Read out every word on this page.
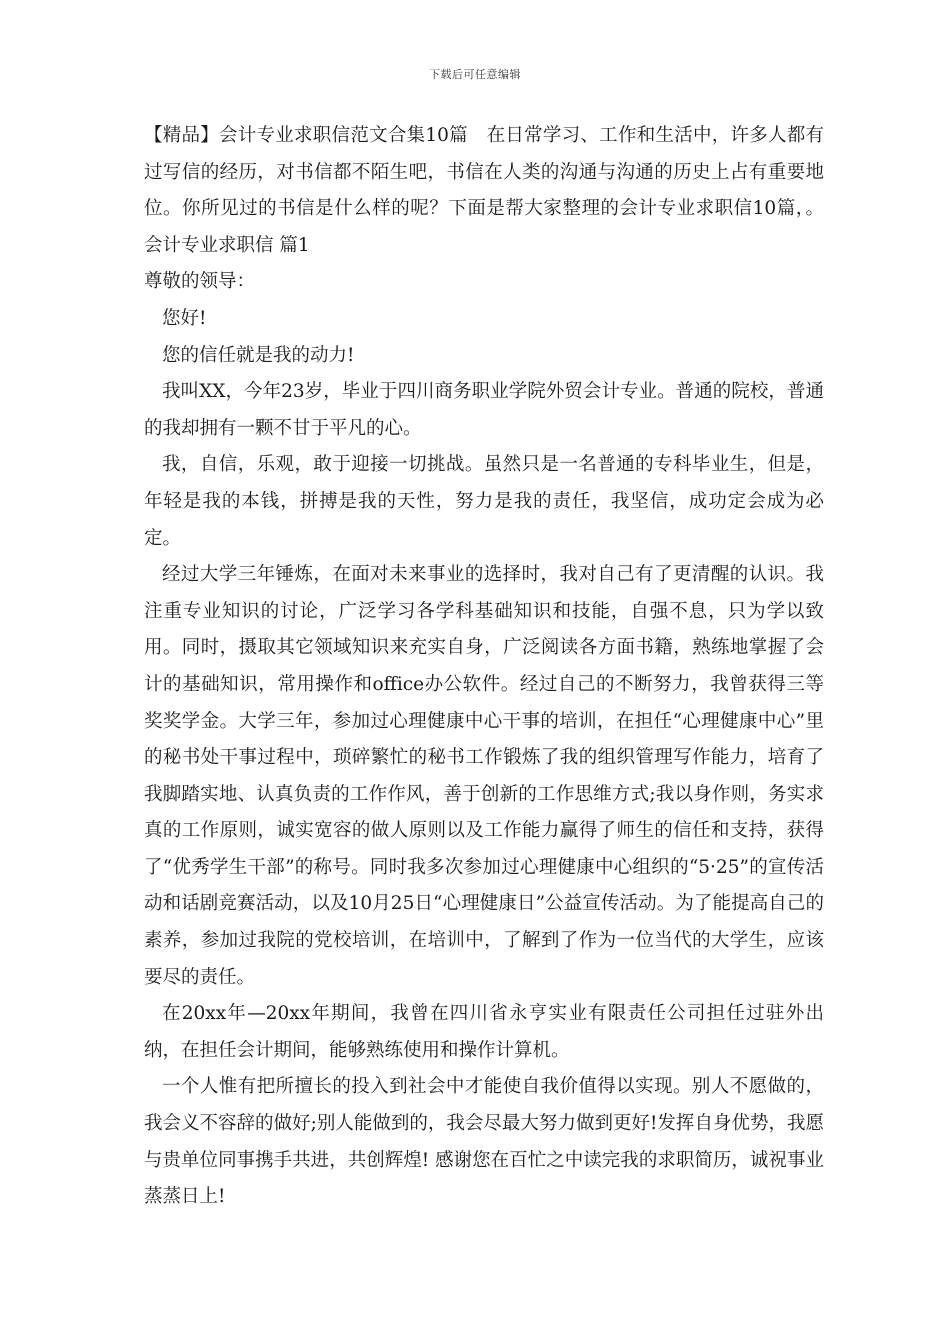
下载后可任意编辑

【精品】会计专业求职信范文合集10篇　在日常学习、工作和生活中，许多人都有过写信的经历，对书信都不陌生吧，书信在人类的沟通与沟通的历史上占有重要地位。你所见过的书信是什么样的呢？下面是帮大家整理的会计专业求职信10篇，。会计专业求职信 篇1

尊敬的领导：

您好!

您的信任就是我的动力!

我叫XX，今年23岁，毕业于四川商务职业学院外贸会计专业。普通的院校，普通的我却拥有一颗不甘于平凡的心。

我，自信，乐观，敢于迎接一切挑战。虽然只是一名普通的专科毕业生，但是，年轻是我的本钱，拼搏是我的天性，努力是我的责任，我坚信，成功定会成为必定。

经过大学三年锤炼，在面对未来事业的选择时，我对自己有了更清醒的认识。我注重专业知识的讨论，广泛学习各学科基础知识和技能，自强不息，只为学以致用。同时，摄取其它领域知识来充实自身，广泛阅读各方面书籍，熟练地掌握了会计的基础知识，常用操作和office办公软件。经过自己的不断努力，我曾获得三等奖奖学金。大学三年，参加过心理健康中心干事的培训，在担任“心理健康中心”里的秘书处干事过程中，琐碎繁忙的秘书工作锻炼了我的组织管理写作能力，培育了我脚踏实地、认真负责的工作作风，善于创新的工作思维方式;我以身作则，务实求真的工作原则，诚实宽容的做人原则以及工作能力赢得了师生的信任和支持，获得了“优秀学生干部”的称号。同时我多次参加过心理健康中心组织的“5·25”的宣传活动和话剧竞赛活动，以及10月25日“心理健康日”公益宣传活动。为了能提高自己的素养，参加过我院的党校培训，在培训中，了解到了作为一位当代的大学生，应该要尽的责任。

在20xx年—20xx年期间，我曾在四川省永亨实业有限责任公司担任过驻外出纳，在担任会计期间，能够熟练使用和操作计算机。

一个人惟有把所擅长的投入到社会中才能使自我价值得以实现。别人不愿做的，我会义不容辞的做好;别人能做到的，我会尽最大努力做到更好!发挥自身优势，我愿与贵单位同事携手共进，共创辉煌! 感谢您在百忙之中读完我的求职简历，诚祝事业蒸蒸日上!
